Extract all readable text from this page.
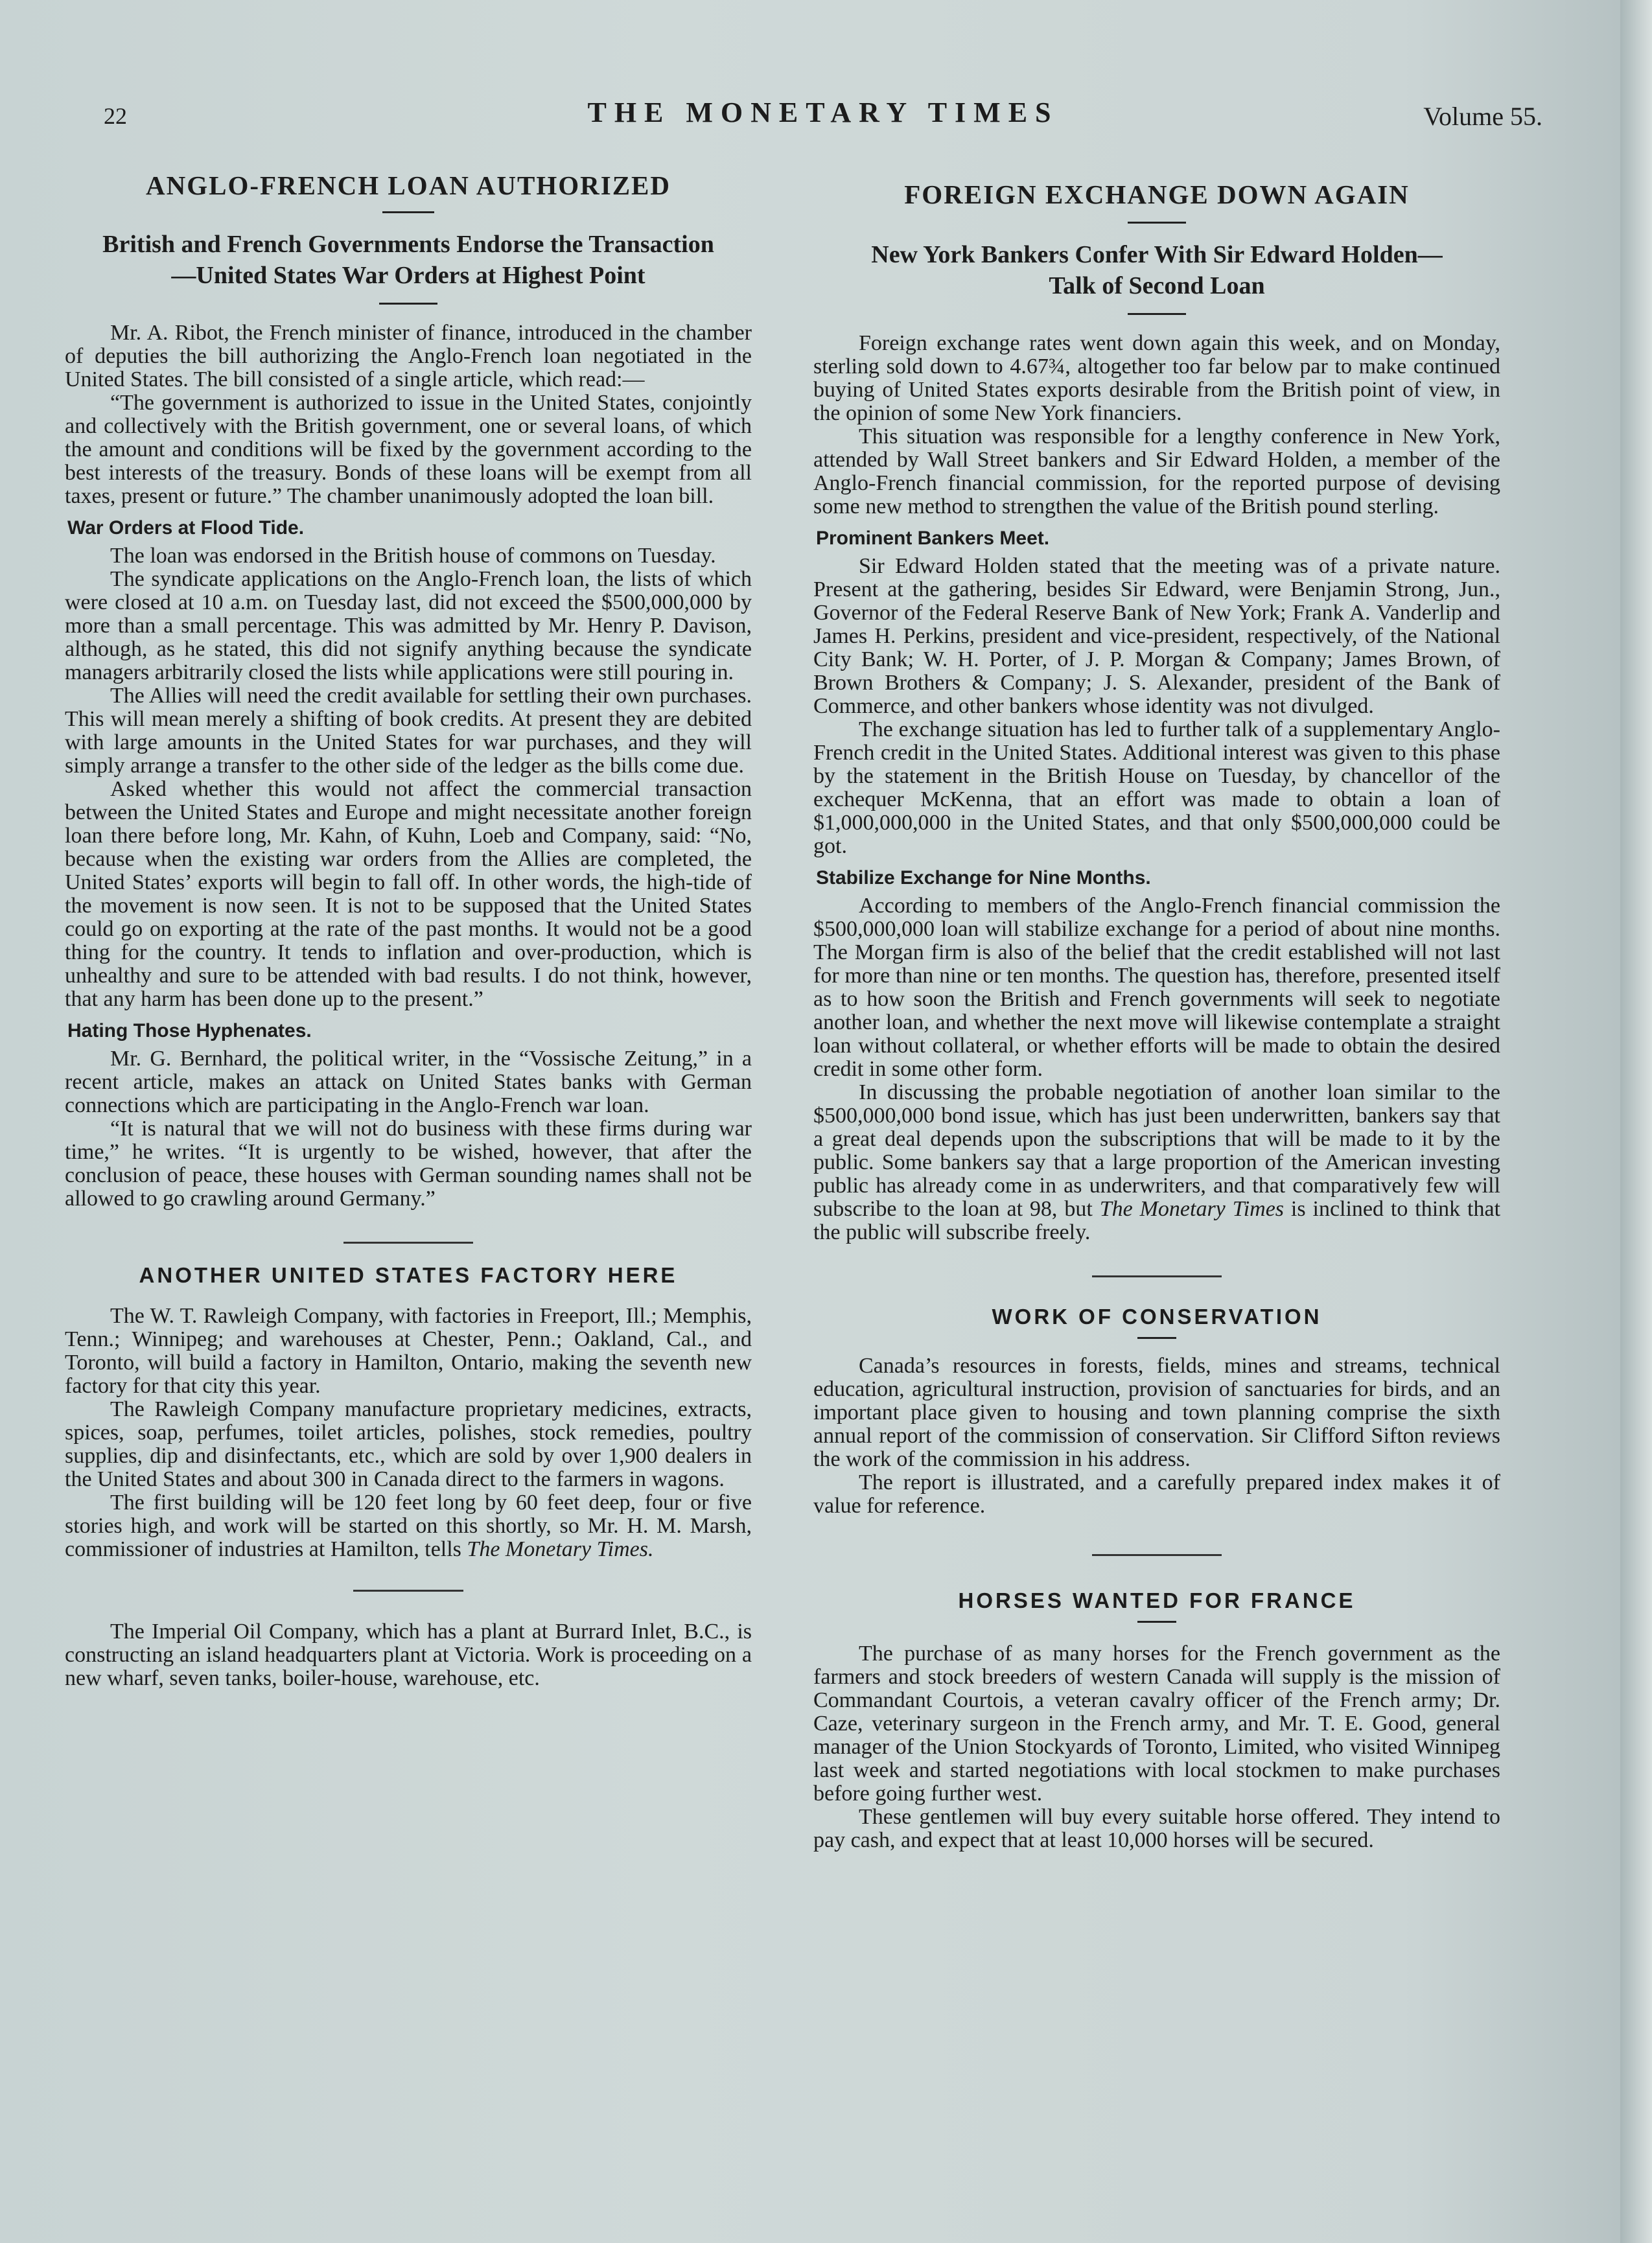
22	THE MONETARY TIMES	Volume 55.
ANGLO-FRENCH LOAN AUTHORIZED
British and French Governments Endorse the Transaction
—United States War Orders at Highest Point

Mr. A. Ribot, the French minister of finance, introduced in the chamber of deputies the bill authorizing the Anglo-French loan negotiated in the United States. The bill consisted of a single article, which read:—

“The government is authorized to issue in the United States, conjointly and collectively with the British government, one or several loans, of which the amount and conditions will be fixed by the government according to the best interests of the treasury. Bonds of these loans will be exempt from all taxes, present or future.” The chamber unanimously adopted the loan bill.

War Orders at Flood Tide.

The loan was endorsed in the British house of commons on Tuesday.

The syndicate applications on the Anglo-French loan, the lists of which were closed at 10 a.m. on Tuesday last, did not exceed the $500,000,000 by more than a small percentage. This was admitted by Mr. Henry P. Davison, although, as he stated, this did not signify anything because the syndicate managers arbitrarily closed the lists while applications were still pouring in.

The Allies will need the credit available for settling their own purchases. This will mean merely a shifting of book credits. At present they are debited with large amounts in the United States for war purchases, and they will simply arrange a transfer to the other side of the ledger as the bills come due.

Asked whether this would not affect the commercial transaction between the United States and Europe and might necessitate another foreign loan there before long, Mr. Kahn, of Kuhn, Loeb and Company, said: “No, because when the existing war orders from the Allies are completed, the United States’ exports will begin to fall off. In other words, the high-tide of the movement is now seen. It is not to be supposed that the United States could go on exporting at the rate of the past months. It would not be a good thing for the country. It tends to inflation and over-production, which is unhealthy and sure to be attended with bad results. I do not think, however, that any harm has been done up to the present.”

Hating Those Hyphenates.

Mr. G. Bernhard, the political writer, in the “Vossische Zeitung,” in a recent article, makes an attack on United States banks with German connections which are participating in the Anglo-French war loan.

“It is natural that we will not do business with these firms during war time,” he writes. “It is urgently to be wished, however, that after the conclusion of peace, these houses with German sounding names shall not be allowed to go crawling around Germany.”

ANOTHER UNITED STATES FACTORY HERE

The W. T. Rawleigh Company, with factories in Freeport, Ill.; Memphis, Tenn.; Winnipeg; and warehouses at Chester, Penn.; Oakland, Cal., and Toronto, will build a factory in Hamilton, Ontario, making the seventh new factory for that city this year.

The Rawleigh Company manufacture proprietary medicines, extracts, spices, soap, perfumes, toilet articles, polishes, stock remedies, poultry supplies, dip and disinfectants, etc., which are sold by over 1,900 dealers in the United States and about 300 in Canada direct to the farmers in wagons.

The first building will be 120 feet long by 60 feet deep, four or five stories high, and work will be started on this shortly, so Mr. H. M. Marsh, commissioner of industries at Hamilton, tells The Monetary Times.

The Imperial Oil Company, which has a plant at Burrard Inlet, B.C., is constructing an island headquarters plant at Victoria. Work is proceeding on a new wharf, seven tanks, boiler-house, warehouse, etc.

FOREIGN EXCHANGE DOWN AGAIN
New York Bankers Confer With Sir Edward Holden—
Talk of Second Loan

Foreign exchange rates went down again this week, and on Monday, sterling sold down to 4.67¾, altogether too far below par to make continued buying of United States exports desirable from the British point of view, in the opinion of some New York financiers.

This situation was responsible for a lengthy conference in New York, attended by Wall Street bankers and Sir Edward Holden, a member of the Anglo-French financial commission, for the reported purpose of devising some new method to strengthen the value of the British pound sterling.

Prominent Bankers Meet.

Sir Edward Holden stated that the meeting was of a private nature. Present at the gathering, besides Sir Edward, were Benjamin Strong, Jun., Governor of the Federal Reserve Bank of New York; Frank A. Vanderlip and James H. Perkins, president and vice-president, respectively, of the National City Bank; W. H. Porter, of J. P. Morgan & Company; James Brown, of Brown Brothers & Company; J. S. Alexander, president of the Bank of Commerce, and other bankers whose identity was not divulged.

The exchange situation has led to further talk of a supplementary Anglo-French credit in the United States. Additional interest was given to this phase by the statement in the British House on Tuesday, by chancellor of the exchequer McKenna, that an effort was made to obtain a loan of $1,000,000,000 in the United States, and that only $500,000,000 could be got.

Stabilize Exchange for Nine Months.

According to members of the Anglo-French financial commission the $500,000,000 loan will stabilize exchange for a period of about nine months. The Morgan firm is also of the belief that the credit established will not last for more than nine or ten months. The question has, therefore, presented itself as to how soon the British and French governments will seek to negotiate another loan, and whether the next move will likewise contemplate a straight loan without collateral, or whether efforts will be made to obtain the desired credit in some other form.

In discussing the probable negotiation of another loan similar to the $500,000,000 bond issue, which has just been underwritten, bankers say that a great deal depends upon the subscriptions that will be made to it by the public. Some bankers say that a large proportion of the American investing public has already come in as underwriters, and that comparatively few will subscribe to the loan at 98, but The Monetary Times is inclined to think that the public will subscribe freely.

WORK OF CONSERVATION

Canada’s resources in forests, fields, mines and streams, technical education, agricultural instruction, provision of sanctuaries for birds, and an important place given to housing and town planning comprise the sixth annual report of the commission of conservation. Sir Clifford Sifton reviews the work of the commission in his address.

The report is illustrated, and a carefully prepared index makes it of value for reference.

HORSES WANTED FOR FRANCE

The purchase of as many horses for the French government as the farmers and stock breeders of western Canada will supply is the mission of Commandant Courtois, a veteran cavalry officer of the French army; Dr. Caze, veterinary surgeon in the French army, and Mr. T. E. Good, general manager of the Union Stockyards of Toronto, Limited, who visited Winnipeg last week and started negotiations with local stockmen to make purchases before going further west.

These gentlemen will buy every suitable horse offered. They intend to pay cash, and expect that at least 10,000 horses will be secured.
